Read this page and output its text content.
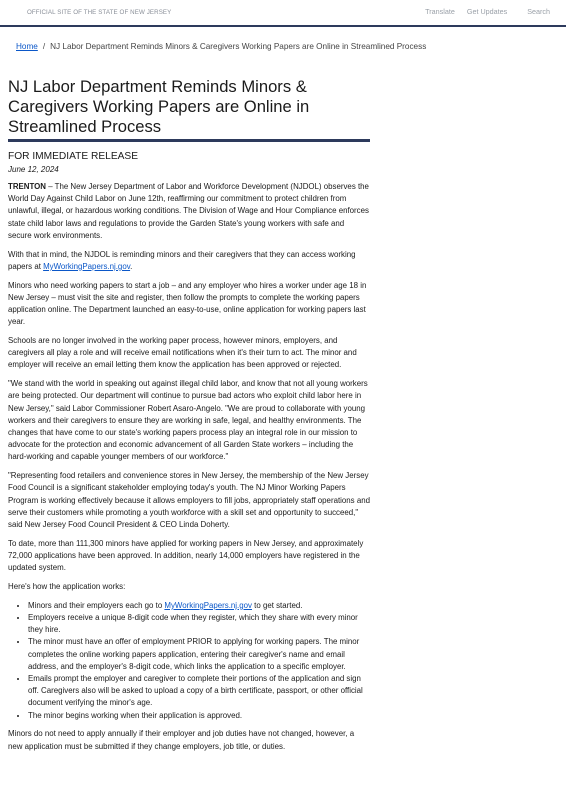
OFFICIAL SITE OF THE STATE OF NEW JERSEY	Translate Get Updates	Search
Home / NJ Labor Department Reminds Minors & Caregivers Working Papers are Online in Streamlined Process
NJ Labor Department Reminds Minors & Caregivers Working Papers are Online in Streamlined Process
FOR IMMEDIATE RELEASE
June 12, 2024

TRENTON – The New Jersey Department of Labor and Workforce Development (NJDOL) observes the World Day Against Child Labor on June 12th, reaffirming our commitment to protect children from unlawful, illegal, or hazardous working conditions. The Division of Wage and Hour Compliance enforces state child labor laws and regulations to provide the Garden State's young workers with safe and secure work environments.

With that in mind, the NJDOL is reminding minors and their caregivers that they can access working papers at MyWorkingPapers.nj.gov.

Minors who need working papers to start a job – and any employer who hires a worker under age 18 in New Jersey – must visit the site and register, then follow the prompts to complete the working papers application online. The Department launched an easy-to-use, online application for working papers last year.

Schools are no longer involved in the working paper process, however minors, employers, and caregivers all play a role and will receive email notifications when it's their turn to act. The minor and employer will receive an email letting them know the application has been approved or rejected.

"We stand with the world in speaking out against illegal child labor, and know that not all young workers are being protected. Our department will continue to pursue bad actors who exploit child labor here in New Jersey," said Labor Commissioner Robert Asaro-Angelo. "We are proud to collaborate with young workers and their caregivers to ensure they are working in safe, legal, and healthy environments. The changes that have come to our state's working papers process play an integral role in our mission to advocate for the protection and economic advancement of all Garden State workers – including the hard-working and capable younger members of our workforce."

"Representing food retailers and convenience stores in New Jersey, the membership of the New Jersey Food Council is a significant stakeholder employing today's youth. The NJ Minor Working Papers Program is working effectively because it allows employers to fill jobs, appropriately staff operations and serve their customers while promoting a youth workforce with a skill set and opportunity to succeed," said New Jersey Food Council President & CEO Linda Doherty.

To date, more than 111,300 minors have applied for working papers in New Jersey, and approximately 72,000 applications have been approved. In addition, nearly 14,000 employers have registered in the updated system.

Here's how the application works:

• Minors and their employers each go to MyWorkingPapers.nj.gov to get started.
• Employers receive a unique 8-digit code when they register, which they share with every minor they hire.
• The minor must have an offer of employment PRIOR to applying for working papers. The minor completes the online working papers application, entering their caregiver's name and email address, and the employer's 8-digit code, which links the application to a specific employer.
• Emails prompt the employer and caregiver to complete their portions of the application and sign off. Caregivers also will be asked to upload a copy of a birth certificate, passport, or other official document verifying the minor's age.
• The minor begins working when their application is approved.

Minors do not need to apply annually if their employer and job duties have not changed, however, a new application must be submitted if they change employers, job title, or duties.
